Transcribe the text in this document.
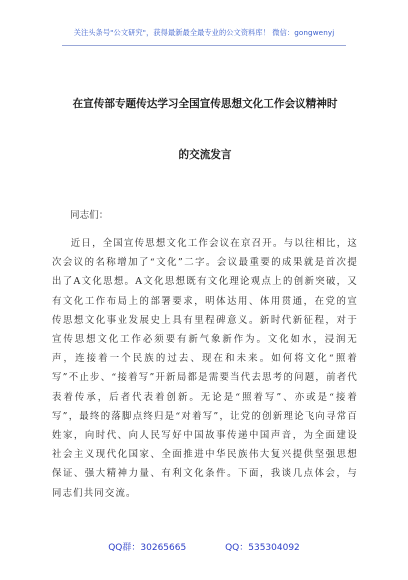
关注头条号"公文研究"，获得最新最全最专业的公文资料库！ 微信：gongwenyj
在宣传部专题传达学习全国宣传思想文化工作会议精神时
的交流发言
同志们：
近日，全国宣传思想文化工作会议在京召开。与以往相比，这次会议的名称增加了“文化”二字。会议最重要的成果就是首次提出了A文化思想。A文化思想既有文化理论观点上的创新突破，又有文化工作布局上的部署要求，明体达用、体用贯通，在党的宣传思想文化事业发展史上具有里程碑意义。新时代新征程，对于宣传思想文化工作必须要有新气象新作为。文化如水，浸润无声，连接着一个民族的过去、现在和未来。如何将文化“照着写”不止步、“接着写”开新局都是需要当代去思考的问题，前者代表着传承，后者代表着创新。无论是“照着写”、亦或是“接着写”，最终的落脚点终归是“对着写”，让党的创新理论飞向寻常百姓家，向时代、向人民写好中国故事传递中国声音，为全面建设社会主义现代化国家、全面推进中华民族伟大复兴提供坚强思想保证、强大精神力量、有利文化条件。下面，我谈几点体会，与同志们共同交流。
QQ群：30265665	QQ：535304092
